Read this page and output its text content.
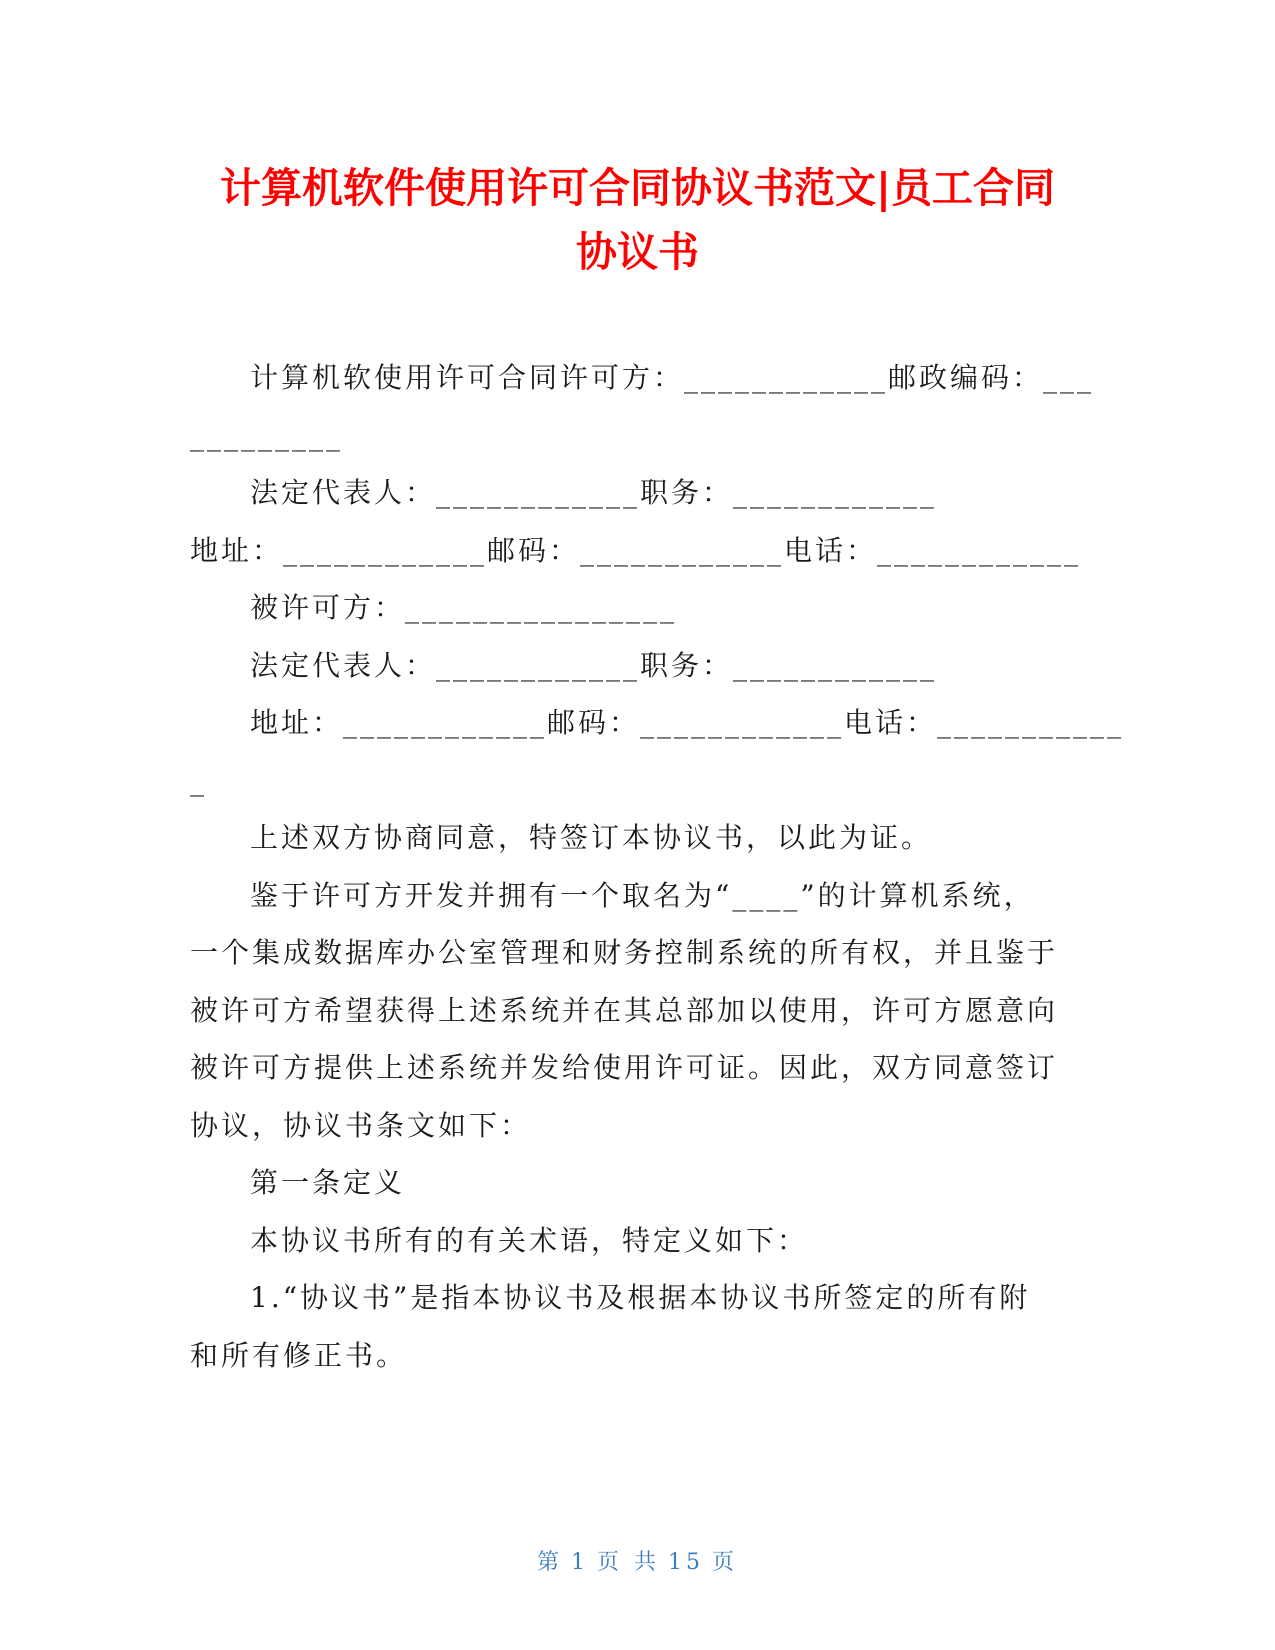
计算机软件使用许可合同协议书范文|员工合同
协议书
计算机软使用许可合同许可方：____________邮政编码：___
_________
法定代表人：____________职务：____________
地址：____________邮码：____________电话：____________
被许可方：________________
法定代表人：____________职务：____________
地址：____________邮码：____________电话：___________
_
上述双方协商同意，特签订本协议书，以此为证。
鉴于许可方开发并拥有一个取名为“____”的计算机系统，
一个集成数据库办公室管理和财务控制系统的所有权，并且鉴于
被许可方希望获得上述系统并在其总部加以使用，许可方愿意向
被许可方提供上述系统并发给使用许可证。因此，双方同意签订
协议，协议书条文如下：
第一条定义
本协议书所有的有关术语，特定义如下：
1.“协议书”是指本协议书及根据本协议书所签定的所有附
和所有修正书。
第 1 页 共 15 页
